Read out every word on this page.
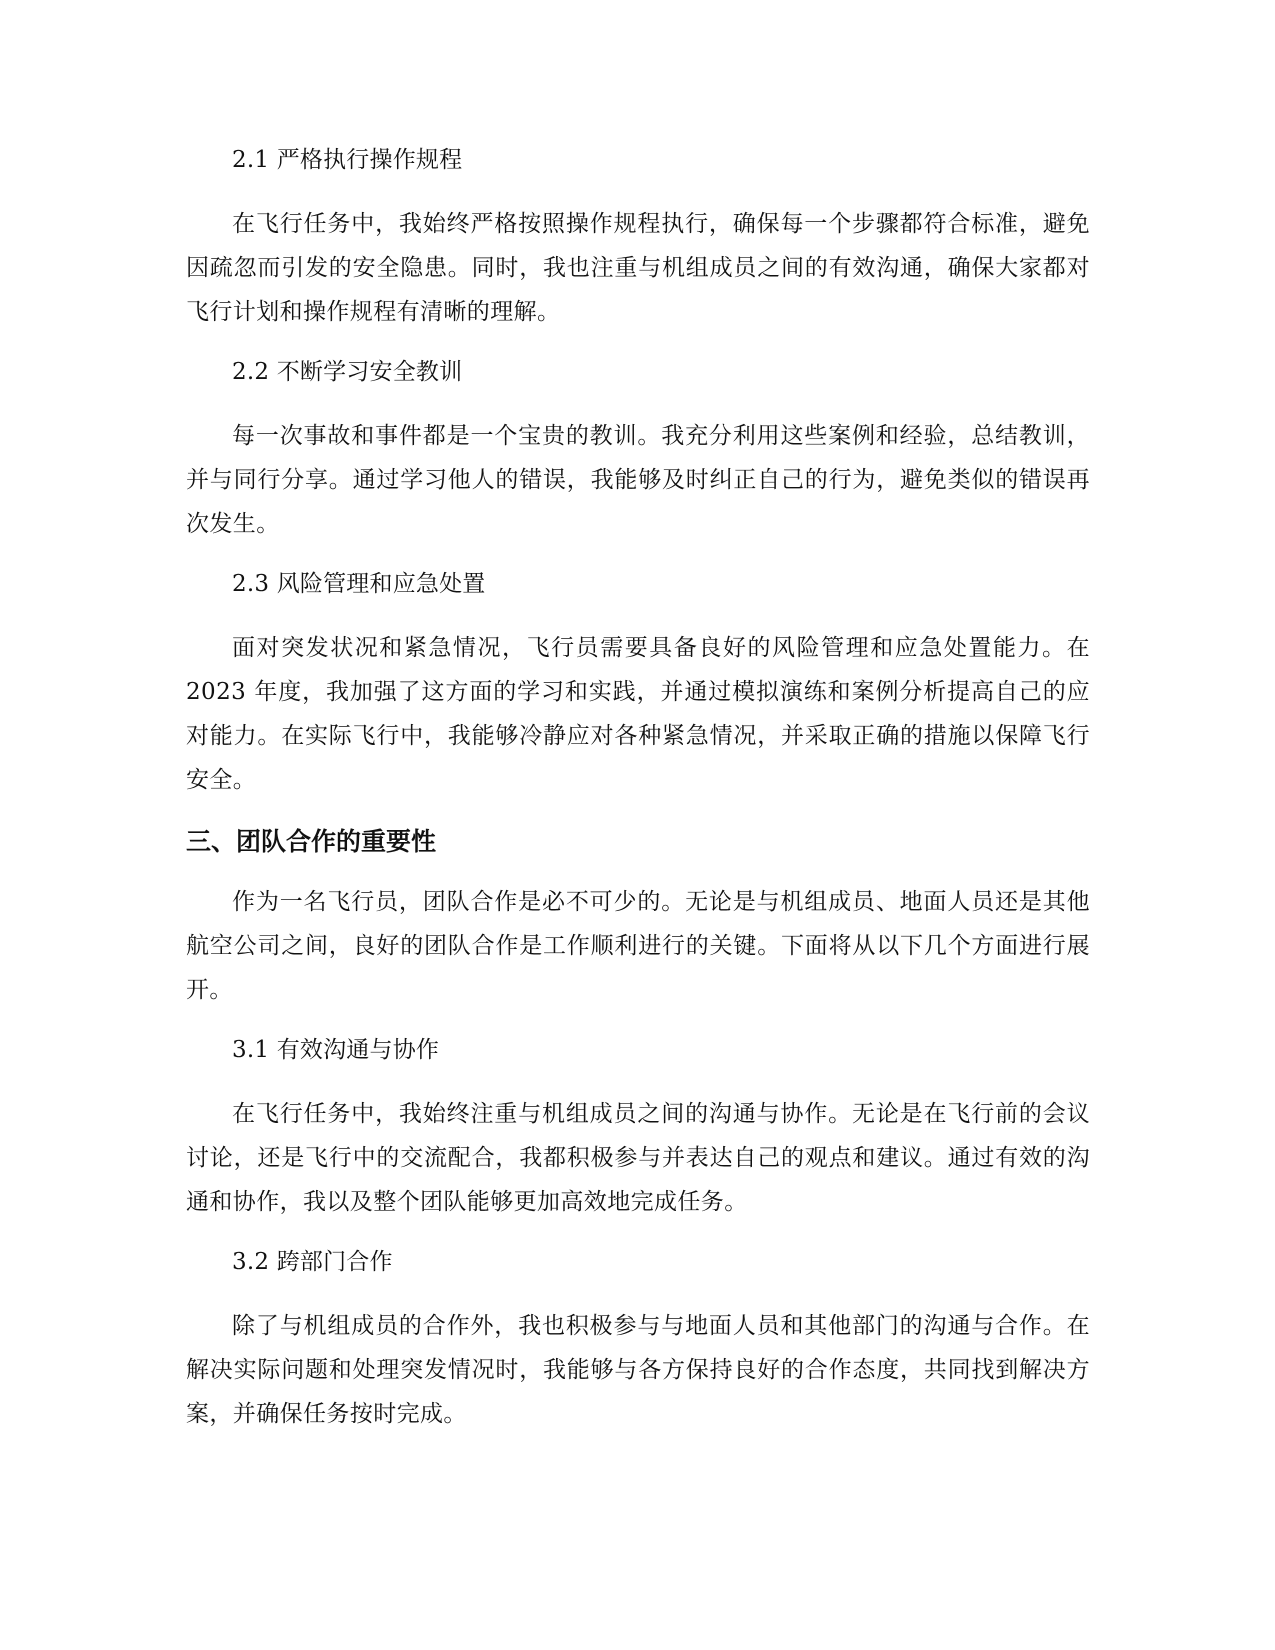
2.1 严格执行操作规程

在飞行任务中，我始终严格按照操作规程执行，确保每一个步骤都符合标准，避免因疏忽而引发的安全隐患。同时，我也注重与机组成员之间的有效沟通，确保大家都对飞行计划和操作规程有清晰的理解。

2.2 不断学习安全教训

每一次事故和事件都是一个宝贵的教训。我充分利用这些案例和经验，总结教训，并与同行分享。通过学习他人的错误，我能够及时纠正自己的行为，避免类似的错误再次发生。

2.3 风险管理和应急处置

面对突发状况和紧急情况，飞行员需要具备良好的风险管理和应急处置能力。在 2023 年度，我加强了这方面的学习和实践，并通过模拟演练和案例分析提高自己的应对能力。在实际飞行中，我能够冷静应对各种紧急情况，并采取正确的措施以保障飞行安全。

三、团队合作的重要性

作为一名飞行员，团队合作是必不可少的。无论是与机组成员、地面人员还是其他航空公司之间，良好的团队合作是工作顺利进行的关键。下面将从以下几个方面进行展开。

3.1 有效沟通与协作

在飞行任务中，我始终注重与机组成员之间的沟通与协作。无论是在飞行前的会议讨论，还是飞行中的交流配合，我都积极参与并表达自己的观点和建议。通过有效的沟通和协作，我以及整个团队能够更加高效地完成任务。

3.2 跨部门合作

除了与机组成员的合作外，我也积极参与与地面人员和其他部门的沟通与合作。在解决实际问题和处理突发情况时，我能够与各方保持良好的合作态度，共同找到解决方案，并确保任务按时完成。
